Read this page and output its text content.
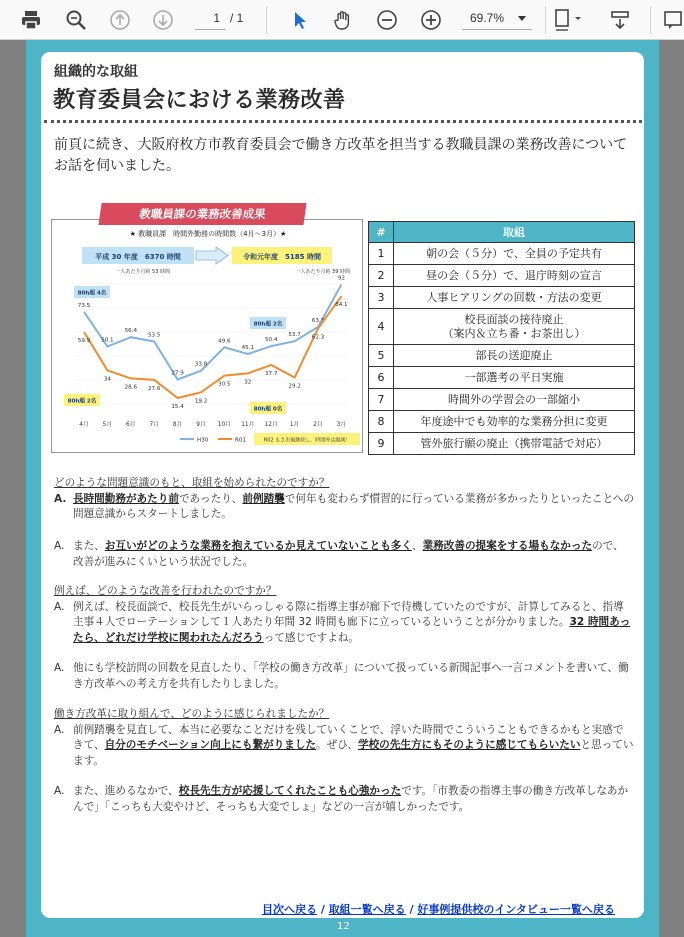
1 / 1	69.7%
組織的な取組
教育委員会における業務改善
前頁に続き、大阪府枚方市教育委員会で働き方改革を担当する教職員課の業務改善についてお話を伺いました。
★ 教職員課　時間外勤務の時間数（4月～3月）★
平成 30 年度　6370 時間
一人あたり月約 53 時間
令和元年度　5185 時間
一人あたり月約 39 時間
73.5
50.1
56.4
53.5
27.9
33.8
49.6
45.1
50.4
53.7
63.3
92
59.9
34
28.6 27.6
15.4
19.2
30.5 32
37.7
29.2
62.3
84.1
4月 5月 6月 7月 8月 9月 10月 11月 12月 1月 2月 3月
80h超 4名
80h超 2名
80h超 2名
80h超 0名
H30	R01	R02 もさ出後継続し、時間外は縮減！
教職員課の業務改善成果
#	取組
1	朝の会（５分）で、全員の予定共有
2	昼の会（５分）で、退庁時刻の宣言
3	人事ヒアリングの回数・方法の変更
4	校長面談の接待廃止
（案内＆立ち番・お茶出し）

5	部長の送迎廃止
6	一部選考の平日実施
7	時間外の学習会の一部縮小
8	年度途中でも効率的な業務分担に変更
9	管外旅行願の廃止（携帯電話で対応）
どのような問題意識のもと、取組を始められたのですか？
A. 長時間勤務があたり前であったり、前例踏襲で何年も変わらず慣習的に行っている業務が多かったりといったことへの問題意識からスタートしました。
A. また、お互いがどのような業務を抱えているか見えていないことも多く、業務改善の提案をする場もなかったので、改善が進みにくいという状況でした。
例えば、どのような改善を行われたのですか？
A. 例えば、校長面談で、校長先生がいらっしゃる際に指導主事が廊下で待機していたのですが、計算してみると、指導主事４人でローテーションして１人あたり年間 32 時間も廊下に立っているということが分かりました。32 時間あったら、どれだけ学校に関われたんだろうって感じですよね。
A. 他にも学校訪問の回数を見直したり、「学校の働き方改革」について扱っている新聞記事へ一言コメントを書いて、働き方改革への考え方を共有したりしました。
働き方改革に取り組んで、どのように感じられましたか？
A. 前例踏襲を見直して、本当に必要なことだけを残していくことで、浮いた時間でこういうこともできるかもと実感できて、自分のモチベーション向上にも繋がりました。ぜひ、学校の先生方にもそのように感じてもらいたいと思っています。
A. また、進めるなかで、校長先生方が応援してくれたことも心強かったです。「市教委の指導主事の働き方改革しなあかんで」「こっちも大変やけど、そっちも大変でしょ」などの一言が嬉しかったです。
目次へ戻る / 取組一覧へ戻る / 好事例提供校のインタビュー一覧へ戻る
12
